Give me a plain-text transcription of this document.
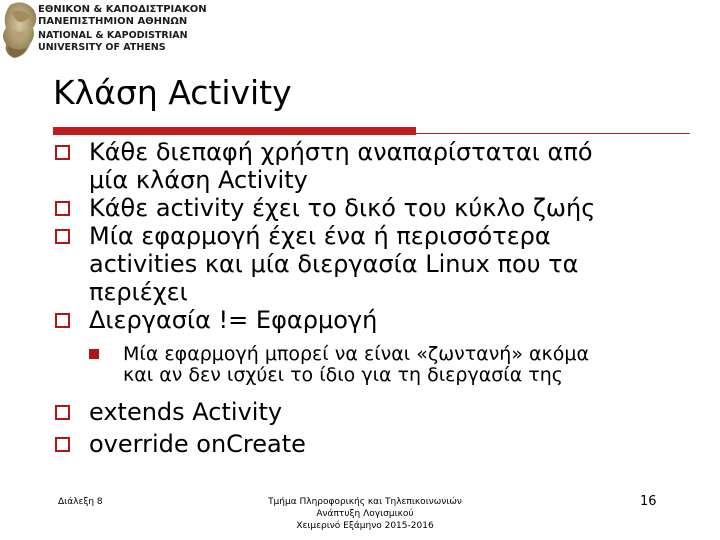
ΕΘΝΙΚΟΝ & ΚΑΠΟΔΙΣΤΡΙΑΚΟΝ
ΠΑΝΕΠΙΣΤΗΜΙΟΝ ΑΘΗΝΩΝ
NATIONAL & KAPODISTRIAN
UNIVERSITY OF ATHENS
Κλάση Activity
Κάθε διεπαφή χρήστη αναπαρίσταται από
μία κλάση Activity
Κάθε activity έχει το δικό του κύκλο ζωής
Μία εφαρμογή έχει ένα ή περισσότερα
activities και μία διεργασία Linux που τα
περιέχει
Διεργασία != Εφαρμογή
Μία εφαρμογή μπορεί να είναι «ζωντανή» ακόμα
και αν δεν ισχύει το ίδιο για τη διεργασία της
extends Activity
override onCreate
Διάλεξη 8	Τμήμα Πληροφορικής και Τηλεπικοινωνιών
Ανάπτυξη Λογισμικού
Χειμερινό Εξάμηνο 2015-2016
16
